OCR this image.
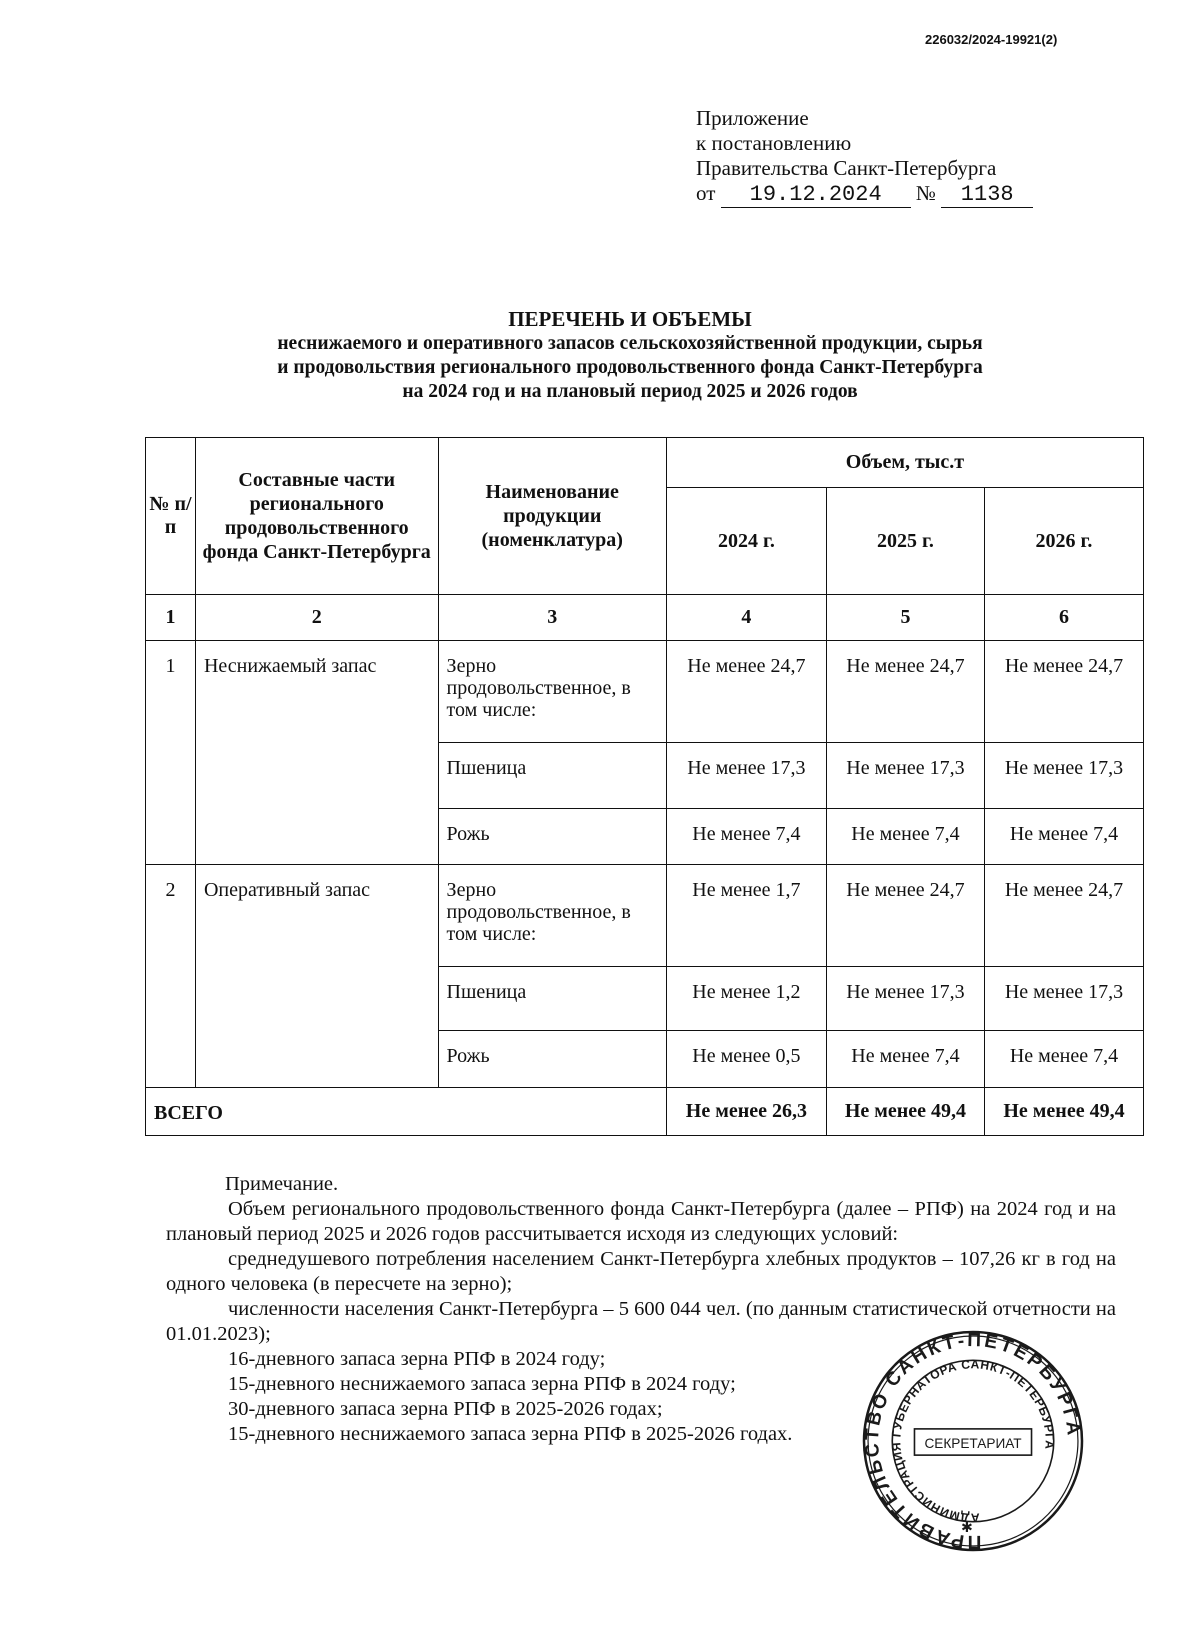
226032/2024-19921(2)
Приложение
к постановлению
Правительства Санкт-Петербурга
от 19.12.2024 № 1138
ПЕРЕЧЕНЬ И ОБЪЕМЫ
неснижаемого и оперативного запасов сельскохозяйственной продукции, сырья
и продовольствия регионального продовольственного фонда Санкт-Петербурга
на 2024 год и на плановый период 2025 и 2026 годов
№ п/п	Составные части регионального продовольственного фонда Санкт-Петербурга	Наименование продукции (номенклатура)	Объем, тыс.т		
			2024 г.	2025 г.	2026 г.
1	2	3	4	5	6
1	Неснижаемый запас	Зерно продовольственное, в том числе:	Не менее 24,7	Не менее 24,7	Не менее 24,7
		Пшеница	Не менее 17,3	Не менее 17,3	Не менее 17,3
		Рожь	Не менее 7,4	Не менее 7,4	Не менее 7,4
2	Оперативный запас	Зерно продовольственное, в том числе:	Не менее 1,7	Не менее 24,7	Не менее 24,7
		Пшеница	Не менее 1,2	Не менее 17,3	Не менее 17,3
		Рожь	Не менее 0,5	Не менее 7,4	Не менее 7,4
ВСЕГО			Не менее 26,3	Не менее 49,4	Не менее 49,4

Примечание.

Объем регионального продовольственного фонда Санкт-Петербурга (далее – РПФ) на 2024 год и на плановый период 2025 и 2026 годов рассчитывается исходя из следующих условий:

среднедушевого потребления населением Санкт-Петербурга хлебных продуктов – 107,26 кг в год на одного человека (в пересчете на зерно);

численности населения Санкт-Петербурга – 5 600 044 чел. (по данным статистической отчетности на 01.01.2023);

16-дневного запаса зерна РПФ в 2024 году;

15-дневного неснижаемого запаса зерна РПФ в 2024 году;

30-дневного запаса зерна РПФ в 2025-2026 годах;

15-дневного неснижаемого запаса зерна РПФ в 2025-2026 годах.

ПРАВИТЕЛЬСТВО САНКТ-ПЕТЕРБУРГА
АДМИНИСТРАЦИЯ ГУБЕРНАТОРА САНКТ-ПЕТЕРБУРГА
СЕКРЕТАРИАТ
✱
